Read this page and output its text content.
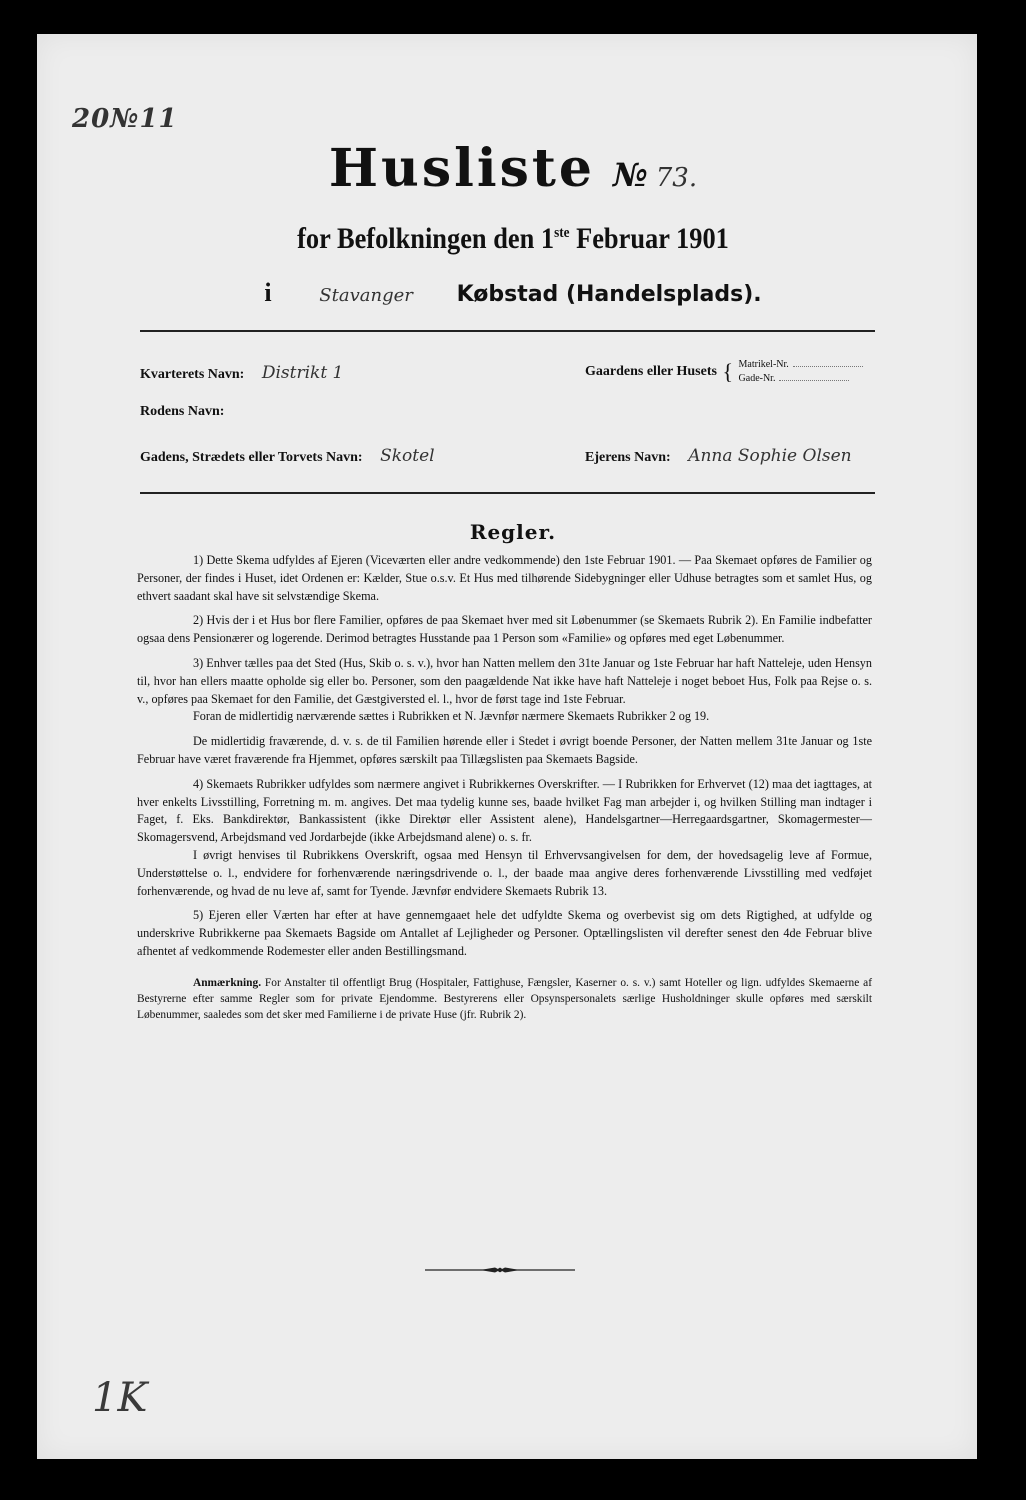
20№11
Husliste № 73.
for Befolkningen den 1ste Februar 1901
i	Stavanger Købstad (Handelsplads).
Kvarterets Navn: Distrikt 1	Gaardens eller Husets { Matrikel-Nr.
Gade-Nr.
Rodens Navn:
Gadens, Strædets eller Torvets Navn: Skotel	Ejerens Navn: Anna Sophie Olsen
Regler.

1) Dette Skema udfyldes af Ejeren (Viceværten eller andre vedkommende) den 1ste Februar 1901. — Paa Skemaet opføres de Familier og Personer, der findes i Huset, idet Ordenen er: Kælder, Stue o.s.v. Et Hus med tilhørende Sidebygninger eller Udhuse betragtes som et samlet Hus, og ethvert saadant skal have sit selvstændige Skema.

2) Hvis der i et Hus bor flere Familier, opføres de paa Skemaet hver med sit Løbenummer (se Skemaets Rubrik 2). En Familie indbefatter ogsaa dens Pensionærer og logerende. Derimod betragtes Husstande paa 1 Person som «Familie» og opføres med eget Løbenummer.

3) Enhver tælles paa det Sted (Hus, Skib o. s. v.), hvor han Natten mellem den 31te Januar og 1ste Februar har haft Natteleje, uden Hensyn til, hvor han ellers maatte opholde sig eller bo. Personer, som den paagældende Nat ikke have haft Natteleje i noget beboet Hus, Folk paa Rejse o. s. v., opføres paa Skemaet for den Familie, det Gæstgiversted el. l., hvor de først tage ind 1ste Februar.

Foran de midlertidig nærværende sættes i Rubrikken et N. Jævnfør nærmere Skemaets Rubrikker 2 og 19.

De midlertidig fraværende, d. v. s. de til Familien hørende eller i Stedet i øvrigt boende Personer, der Natten mellem 31te Januar og 1ste Februar have været fraværende fra Hjemmet, opføres særskilt paa Tillægslisten paa Skemaets Bagside.

4) Skemaets Rubrikker udfyldes som nærmere angivet i Rubrikkernes Overskrifter. — I Rubrikken for Erhvervet (12) maa det iagttages, at hver enkelts Livsstilling, Forretning m. m. angives. Det maa tydelig kunne ses, baade hvilket Fag man arbejder i, og hvilken Stilling man indtager i Faget, f. Eks. Bankdirektør, Bankassistent (ikke Direktør eller Assistent alene), Handelsgartner—Herregaardsgartner, Skomagermester—Skomagersvend, Arbejdsmand ved Jordarbejde (ikke Arbejdsmand alene) o. s. fr.

I øvrigt henvises til Rubrikkens Overskrift, ogsaa med Hensyn til Erhvervsangivelsen for dem, der hovedsagelig leve af Formue, Understøttelse o. l., endvidere for forhenværende næringsdrivende o. l., der baade maa angive deres forhenværende Livsstilling med vedføjet forhenværende, og hvad de nu leve af, samt for Tyende. Jævnfør endvidere Skemaets Rubrik 13.

5) Ejeren eller Værten har efter at have gennemgaaet hele det udfyldte Skema og overbevist sig om dets Rigtighed, at udfylde og underskrive Rubrikkerne paa Skemaets Bagside om Antallet af Lejligheder og Personer. Optællingslisten vil derefter senest den 4de Februar blive afhentet af vedkommende Rodemester eller anden Bestillingsmand.

Anmærkning. For Anstalter til offentligt Brug (Hospitaler, Fattighuse, Fængsler, Kaserner o. s. v.) samt Hoteller og lign. udfyldes Skemaerne af Bestyrerne efter samme Regler som for private Ejendomme. Bestyrerens eller Opsynspersonalets særlige Husholdninger skulle opføres med særskilt Løbenummer, saaledes som det sker med Familierne i de private Huse (jfr. Rubrik 2).

1K
